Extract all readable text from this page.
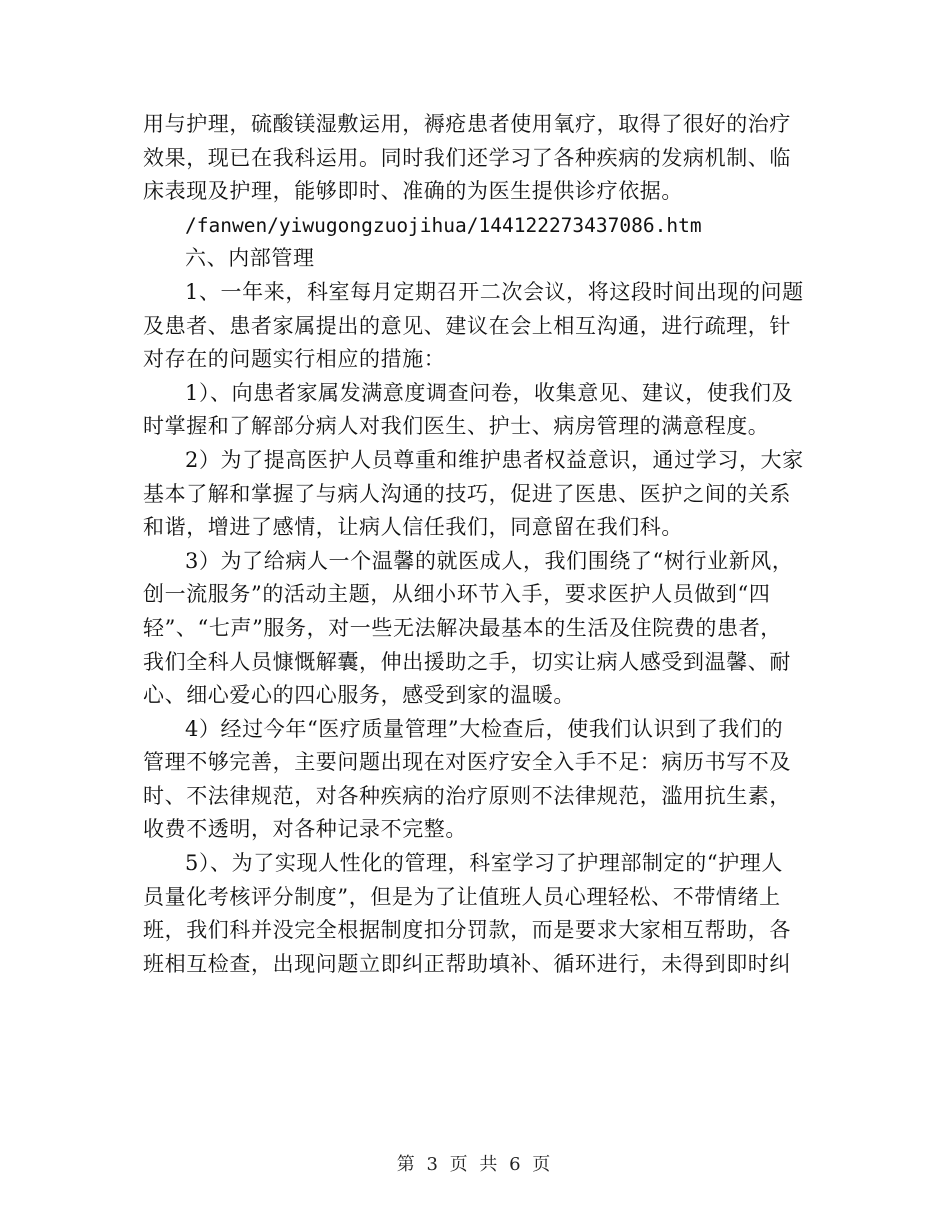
用与护理，硫酸镁湿敷运用，褥疮患者使用氧疗，取得了很好的治疗
效果，现已在我科运用。同时我们还学习了各种疾病的发病机制、临
床表现及护理，能够即时、准确的为医生提供诊疗依据。
/fanwen/yiwugongzuojihua/144122273437086.htm
六、内部管理
1、一年来，科室每月定期召开二次会议，将这段时间出现的问题
及患者、患者家属提出的意见、建议在会上相互沟通，进行疏理，针
对存在的问题实行相应的措施：
1）、向患者家属发满意度调查问卷，收集意见、建议，使我们及
时掌握和了解部分病人对我们医生、护士、病房管理的满意程度。
2）为了提高医护人员尊重和维护患者权益意识，通过学习，大家
基本了解和掌握了与病人沟通的技巧，促进了医患、医护之间的关系
和谐，增进了感情，让病人信任我们，同意留在我们科。
3）为了给病人一个温馨的就医成人，我们围绕了“树行业新风，
创一流服务”的活动主题，从细小环节入手，要求医护人员做到“四
轻”、“七声”服务，对一些无法解决最基本的生活及住院费的患者，
我们全科人员慷慨解囊，伸出援助之手，切实让病人感受到温馨、耐
心、细心爱心的四心服务，感受到家的温暖。
4）经过今年“医疗质量管理”大检查后，使我们认识到了我们的
管理不够完善，主要问题出现在对医疗安全入手不足：病历书写不及
时、不法律规范，对各种疾病的治疗原则不法律规范，滥用抗生素，
收费不透明，对各种记录不完整。
5）、为了实现人性化的管理，科室学习了护理部制定的“护理人
员量化考核评分制度”，但是为了让值班人员心理轻松、不带情绪上
班，我们科并没完全根据制度扣分罚款，而是要求大家相互帮助，各
班相互检查，出现问题立即纠正帮助填补、循环进行，未得到即时纠
第 3 页 共 6 页
